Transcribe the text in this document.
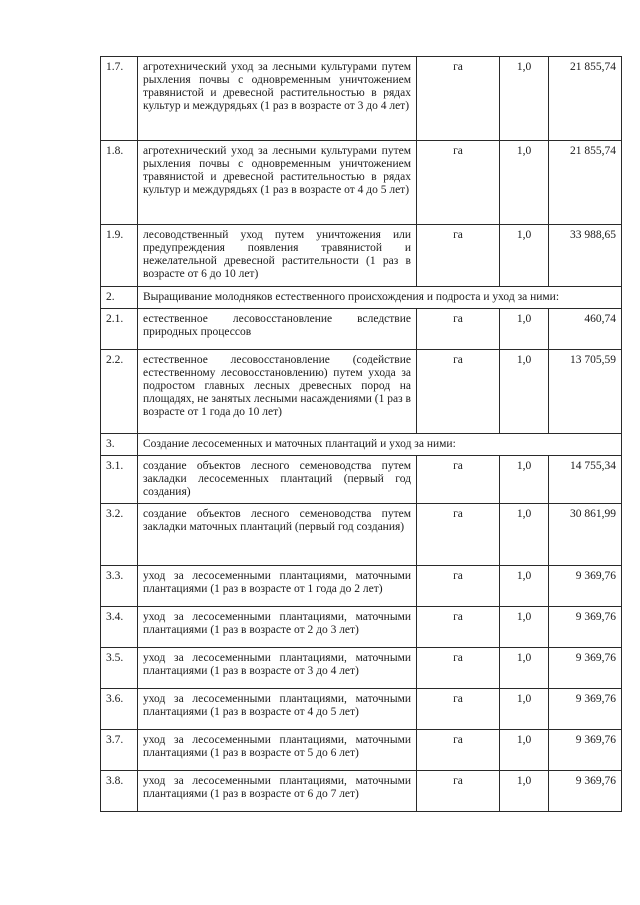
1.7.	агротехнический уход за лесными культурами путем рыхления почвы с одновременным уничтожением травянистой и древесной растительностью в рядах культур и междурядьях (1 раз в возрасте от 3 до 4 лет)	га	1,0	21 855,74
1.8.	агротехнический уход за лесными культурами путем рыхления почвы с одновременным уничтожением травянистой и древесной растительностью в рядах культур и междурядьях (1 раз в возрасте от 4 до 5 лет)	га	1,0	21 855,74
1.9.	лесоводственный уход путем уничтожения или предупреждения появления травянистой и нежелательной древесной растительности (1 раз в возрасте от 6 до 10 лет)	га	1,0	33 988,65
2.	Выращивание молодняков естественного происхождения и подроста и уход за ними:			
2.1.	естественное лесовосстановление вследствие природных процессов	га	1,0	460,74
2.2.	естественное лесовосстановление (содействие естественному лесовосстановлению) путем ухода за подростом главных лесных древесных пород на площадях, не занятых лесными насаждениями (1 раз в возрасте от 1 года до 10 лет)	га	1,0	13 705,59
3.	Создание лесосеменных и маточных плантаций и уход за ними:			
3.1.	создание объектов лесного семеноводства путем закладки лесосеменных плантаций (первый год создания)	га	1,0	14 755,34
3.2.	создание объектов лесного семеноводства путем закладки маточных плантаций (первый год создания)	га	1,0	30 861,99
3.3.	уход за лесосеменными плантациями, маточными плантациями (1 раз в возрасте от 1 года до 2 лет)	га	1,0	9 369,76
3.4.	уход за лесосеменными плантациями, маточными плантациями (1 раз в возрасте от 2 до 3 лет)	га	1,0	9 369,76
3.5.	уход за лесосеменными плантациями, маточными плантациями (1 раз в возрасте от 3 до 4 лет)	га	1,0	9 369,76
3.6.	уход за лесосеменными плантациями, маточными плантациями (1 раз в возрасте от 4 до 5 лет)	га	1,0	9 369,76
3.7.	уход за лесосеменными плантациями, маточными плантациями (1 раз в возрасте от 5 до 6 лет)	га	1,0	9 369,76
3.8.	уход за лесосеменными плантациями, маточными плантациями (1 раз в возрасте от 6 до 7 лет)	га	1,0	9 369,76
